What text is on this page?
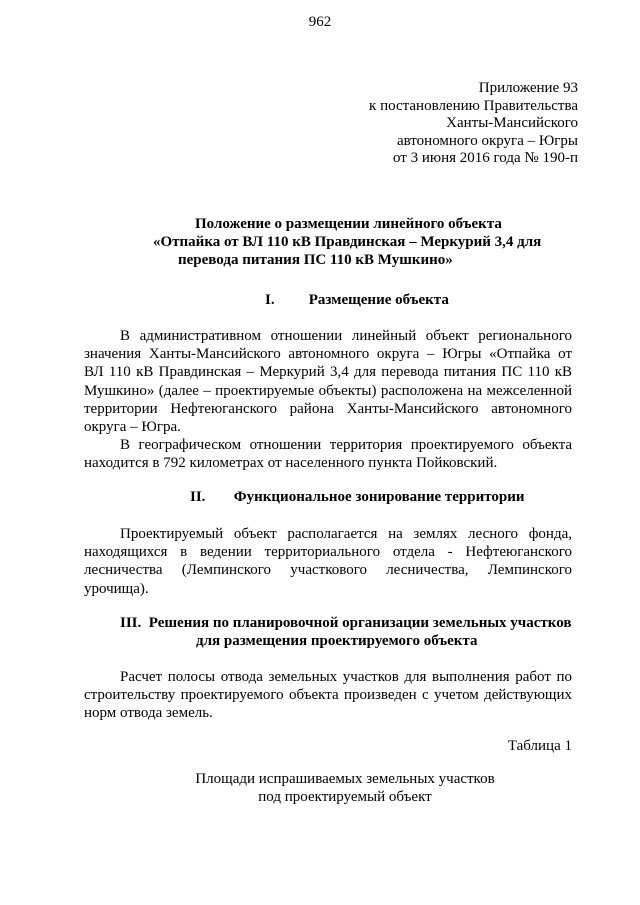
962
Приложение 93
к постановлению Правительства
Ханты-Мансийского
автономного округа – Югры
от 3 июня 2016 года № 190-п
Положение о размещении линейного объекта
«Отпайка от ВЛ 110 кВ Правдинская – Меркурий 3,4 для
перевода питания ПС 110 кВ Мушкино»
I. Размещение объекта
В административном отношении линейный объект регионального
значения Ханты-Мансийского автономного округа – Югры «Отпайка от
ВЛ 110 кВ Правдинская – Меркурий 3,4 для перевода питания ПС 110 кВ
Мушкино» (далее – проектируемые объекты) расположена на межселенной
территории Нефтеюганского района Ханты-Мансийского автономного
округа – Югра.
В географическом отношении территория проектируемого объекта
находится в 792 километрах от населенного пункта Пойковский.
II. Функциональное зонирование территории
Проектируемый объект располагается на землях лесного фонда,
находящихся в ведении территориального отдела - Нефтеюганского
лесничества (Лемпинского участкового лесничества, Лемпинского
урочища).
III. Решения по планировочной организации земельных участков
для размещения проектируемого объекта
Расчет полосы отвода земельных участков для выполнения работ по
строительству проектируемого объекта произведен с учетом действующих
норм отвода земель.
Таблица 1
Площади испрашиваемых земельных участков
под проектируемый объект
